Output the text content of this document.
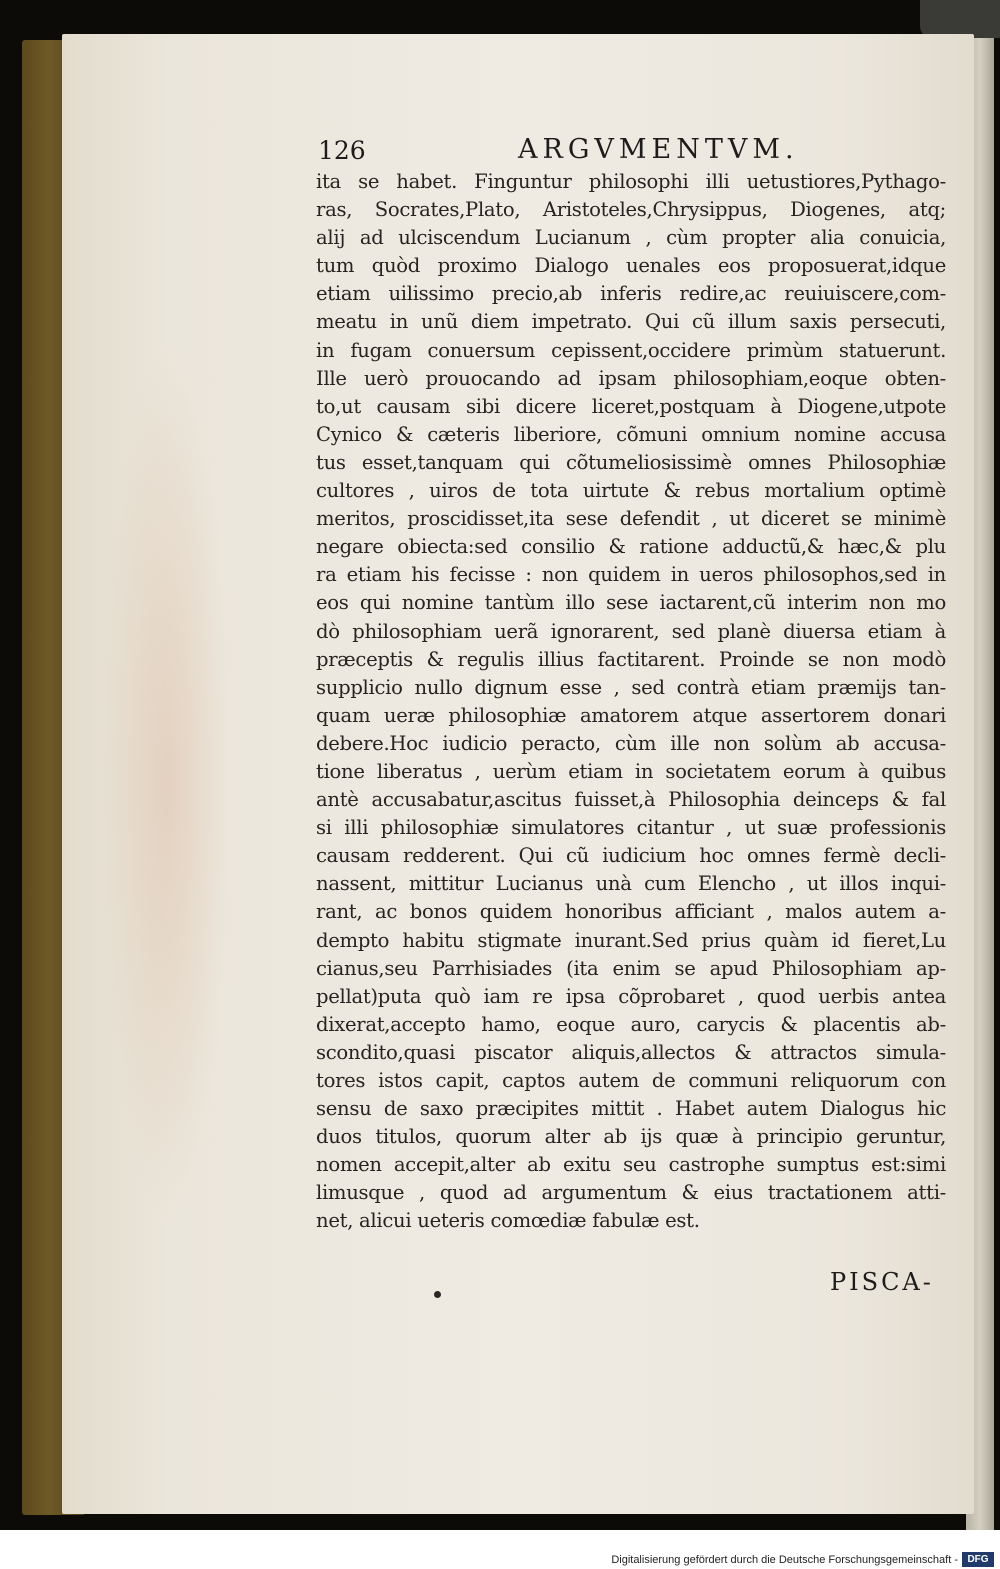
126	ARGVMENTVM.
ita se habet. Finguntur philosophi illi uetustiores,Pythago-
ras, Socrates,Plato, Aristoteles,Chrysippus, Diogenes, atq;
alij ad ulciscendum Lucianum , cùm propter alia conuicia,
tum quòd proximo Dialogo uenales eos proposuerat,idque
etiam uilissimo precio,ab inferis redire,ac reuiuiscere,com-
meatu in unũ diem impetrato. Qui cũ illum saxis persecuti,
in fugam conuersum cepissent,occidere primùm statuerunt.
Ille uerò prouocando ad ipsam philosophiam,eoque obten-
to,ut causam sibi dicere liceret,postquam à Diogene,utpote
Cynico & cæteris liberiore, cõmuni omnium nomine accusa
tus esset,tanquam qui cõtumeliosissimè omnes Philosophiæ
cultores , uiros de tota uirtute & rebus mortalium optimè
meritos, proscidisset,ita sese defendit , ut diceret se minimè
negare obiecta:sed consilio & ratione adductũ,& hæc,& plu
ra etiam his fecisse : non quidem in ueros philosophos,sed in
eos qui nomine tantùm illo sese iactarent,cũ interim non mo
dò philosophiam uerã ignorarent, sed planè diuersa etiam à
præceptis & regulis illius factitarent. Proinde se non modò
supplicio nullo dignum esse , sed contrà etiam præmijs tan-
quam ueræ philosophiæ amatorem atque assertorem donari
debere.Hoc iudicio peracto, cùm ille non solùm ab accusa-
tione liberatus , uerùm etiam in societatem eorum à quibus
antè accusabatur,ascitus fuisset,à Philosophia deinceps & fal
si illi philosophiæ simulatores citantur , ut suæ professionis
causam redderent. Qui cũ iudicium hoc omnes fermè decli-
nassent, mittitur Lucianus unà cum Elencho , ut illos inqui-
rant, ac bonos quidem honoribus afficiant , malos autem a-
dempto habitu stigmate inurant.Sed prius quàm id fieret,Lu
cianus,seu Parrhisiades (ita enim se apud Philosophiam ap-
pellat)puta quò iam re ipsa cõprobaret , quod uerbis antea
dixerat,accepto hamo, eoque auro, carycis & placentis ab-
scondito,quasi piscator aliquis,allectos & attractos simula-
tores istos capit, captos autem de communi reliquorum con
sensu de saxo præcipites mittit . Habet autem Dialogus hic
duos titulos, quorum alter ab ijs quæ à principio geruntur,
nomen accepit,alter ab exitu seu castrophe sumptus est:simi
limusque , quod ad argumentum & eius tractationem atti-
net, alicui ueteris comœdiæ fabulæ est.
PISCA-
Digitalisierung gefördert durch die Deutsche Forschungsgemeinschaft - DFG
